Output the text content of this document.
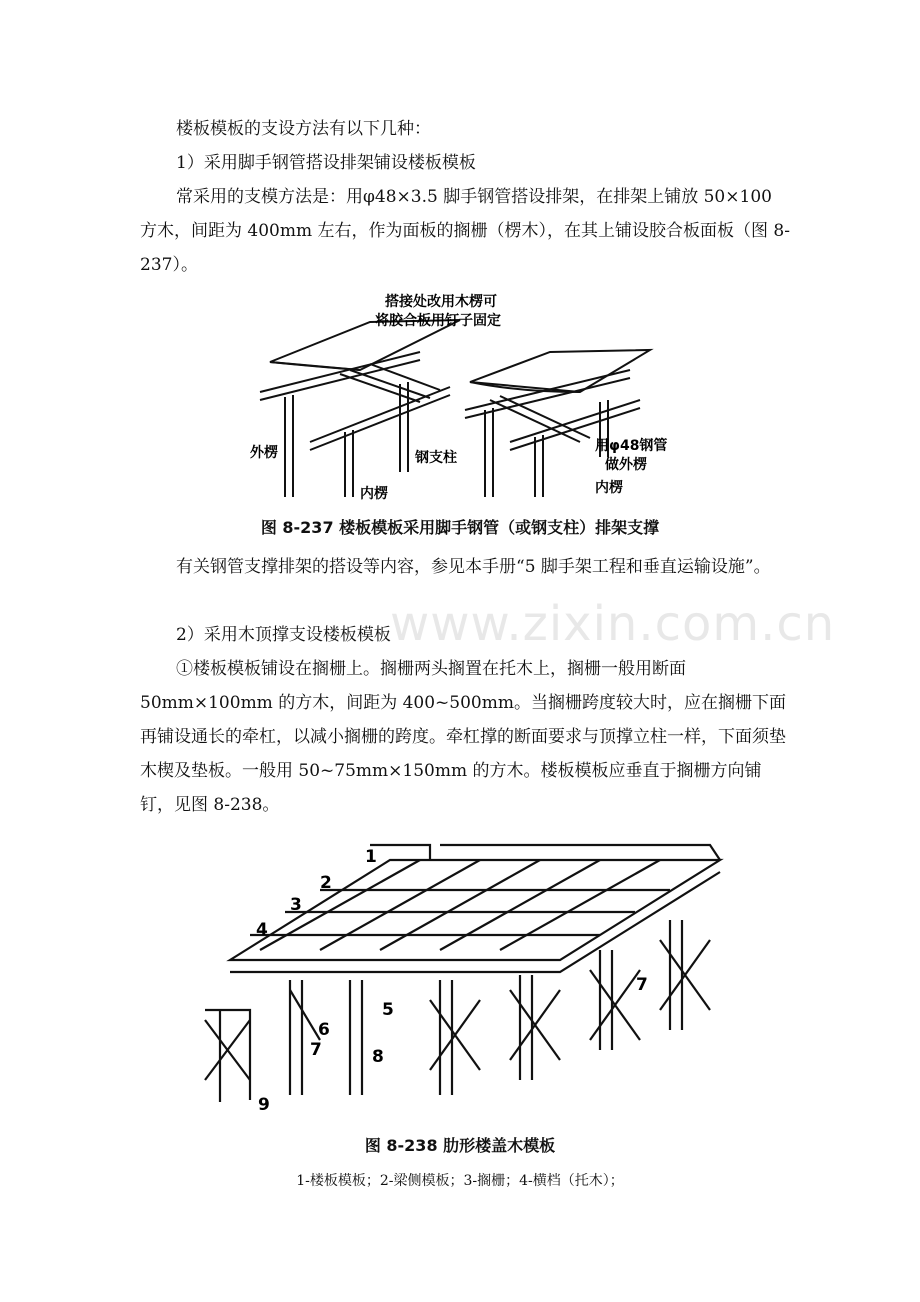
楼板模板的支设方法有以下几种：

1）采用脚手钢管搭设排架铺设楼板模板

常采用的支模方法是：用φ48×3.5 脚手钢管搭设排架，在排架上铺放 50×100 方木，间距为 400mm 左右，作为面板的搁栅（楞木），在其上铺设胶合板面板（图 8-237）。

搭接处改用木楞可
将胶合板用钉子固定
外楞	钢支柱
内楞
用φ48钢管
做外楞
内楞
图 8-237 楼板模板采用脚手钢管（或钢支柱）排架支撑

有关钢管支撑排架的搭设等内容，参见本手册“5 脚手架工程和垂直运输设施”。

2）采用木顶撑支设楼板模板

①楼板模板铺设在搁栅上。搁栅两头搁置在托木上，搁栅一般用断面 50mm×100mm 的方木，间距为 400~500mm。当搁栅跨度较大时，应在搁栅下面再铺设通长的牵杠，以减小搁栅的跨度。牵杠撑的断面要求与顶撑立柱一样，下面须垫木楔及垫板。一般用 50~75mm×150mm 的方木。楼板模板应垂直于搁栅方向铺钉，见图 8-238。

1
2
3
4
5
6
7
7
8
9
图 8-238 肋形楼盖木模板
1-楼板模板；2-梁侧模板；3-搁栅；4-横档（托木）；
www.zixin.com.cn
